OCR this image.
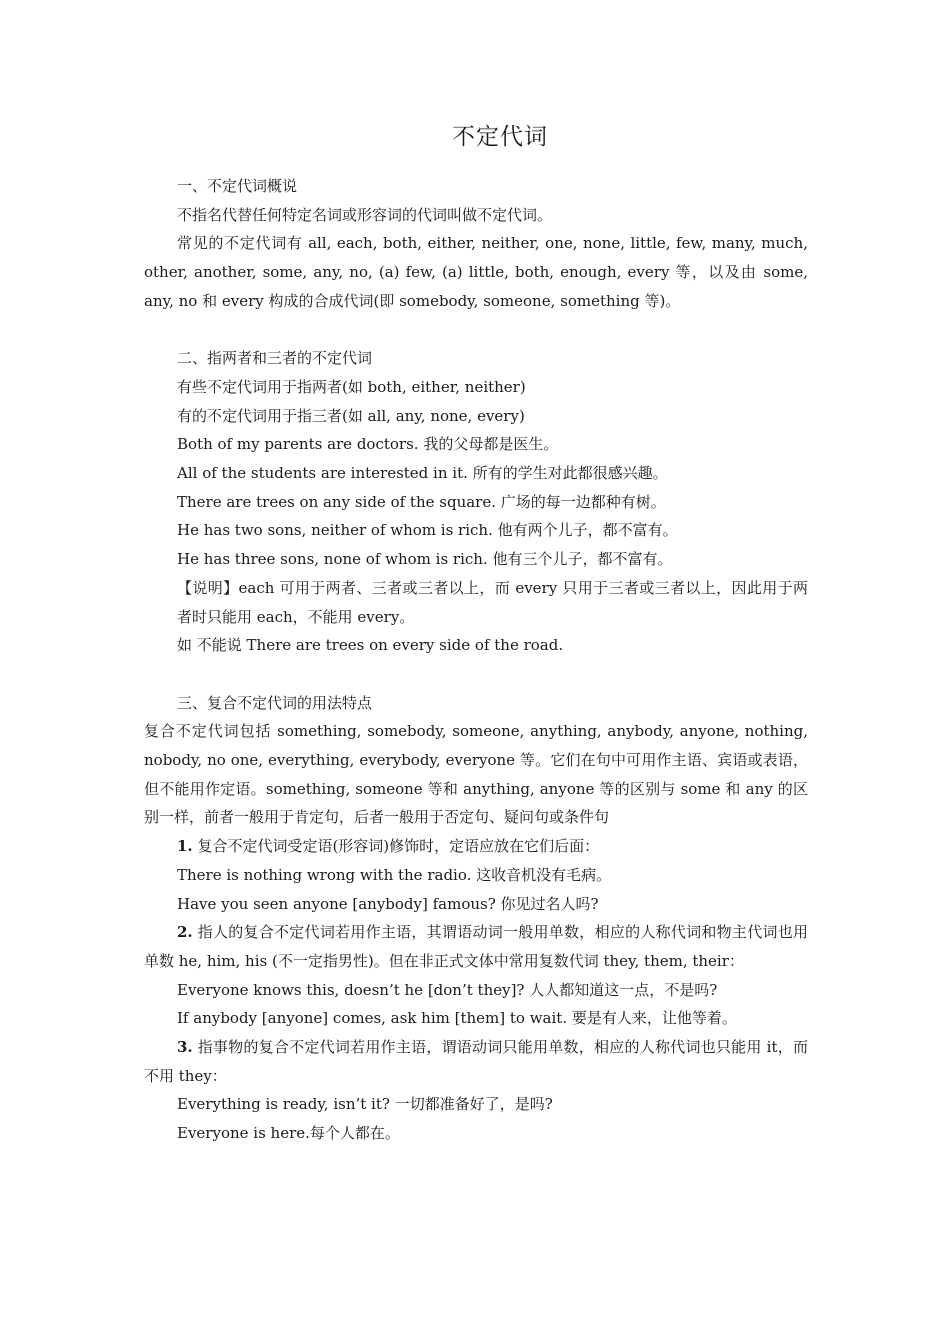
不定代词

一、不定代词概说

不指名代替任何特定名词或形容词的代词叫做不定代词。

常见的不定代词有 all, each, both, either, neither, one, none, little, few, many, much, other, another, some, any, no, (a) few, (a) little, both, enough, every 等，以及由 some, any, no 和 every 构成的合成代词(即 somebody, someone, something 等)。

二、指两者和三者的不定代词

有些不定代词用于指两者(如 both, either, neither)

有的不定代词用于指三者(如 all, any, none, every)

Both of my parents are doctors. 我的父母都是医生。

All of the students are interested in it. 所有的学生对此都很感兴趣。

There are trees on any side of the square. 广场的每一边都种有树。

He has two sons, neither of whom is rich. 他有两个儿子，都不富有。

He has three sons, none of whom is rich. 他有三个儿子，都不富有。

【说明】each 可用于两者、三者或三者以上，而 every 只用于三者或三者以上，因此用于两者时只能用 each，不能用 every。

如 不能说 There are trees on every side of the road.

三、复合不定代词的用法特点

复合不定代词包括 something, somebody, someone, anything, anybody, anyone, nothing, nobody, no one, everything, everybody, everyone 等。它们在句中可用作主语、宾语或表语，但不能用作定语。something, someone 等和 anything, anyone 等的区别与 some 和 any 的区别一样，前者一般用于肯定句，后者一般用于否定句、疑问句或条件句

1. 复合不定代词受定语(形容词)修饰时，定语应放在它们后面：

There is nothing wrong with the radio. 这收音机没有毛病。

Have you seen anyone [anybody] famous? 你见过名人吗?

2. 指人的复合不定代词若用作主语，其谓语动词一般用单数，相应的人称代词和物主代词也用单数 he, him, his (不一定指男性)。但在非正式文体中常用复数代词 they, them, their：

Everyone knows this, doesn’t he [don’t they]? 人人都知道这一点，不是吗?

If anybody [anyone] comes, ask him [them] to wait. 要是有人来，让他等着。

3. 指事物的复合不定代词若用作主语，谓语动词只能用单数，相应的人称代词也只能用 it，而不用 they：

Everything is ready, isn’t it? 一切都准备好了，是吗?

Everyone is here.每个人都在。
